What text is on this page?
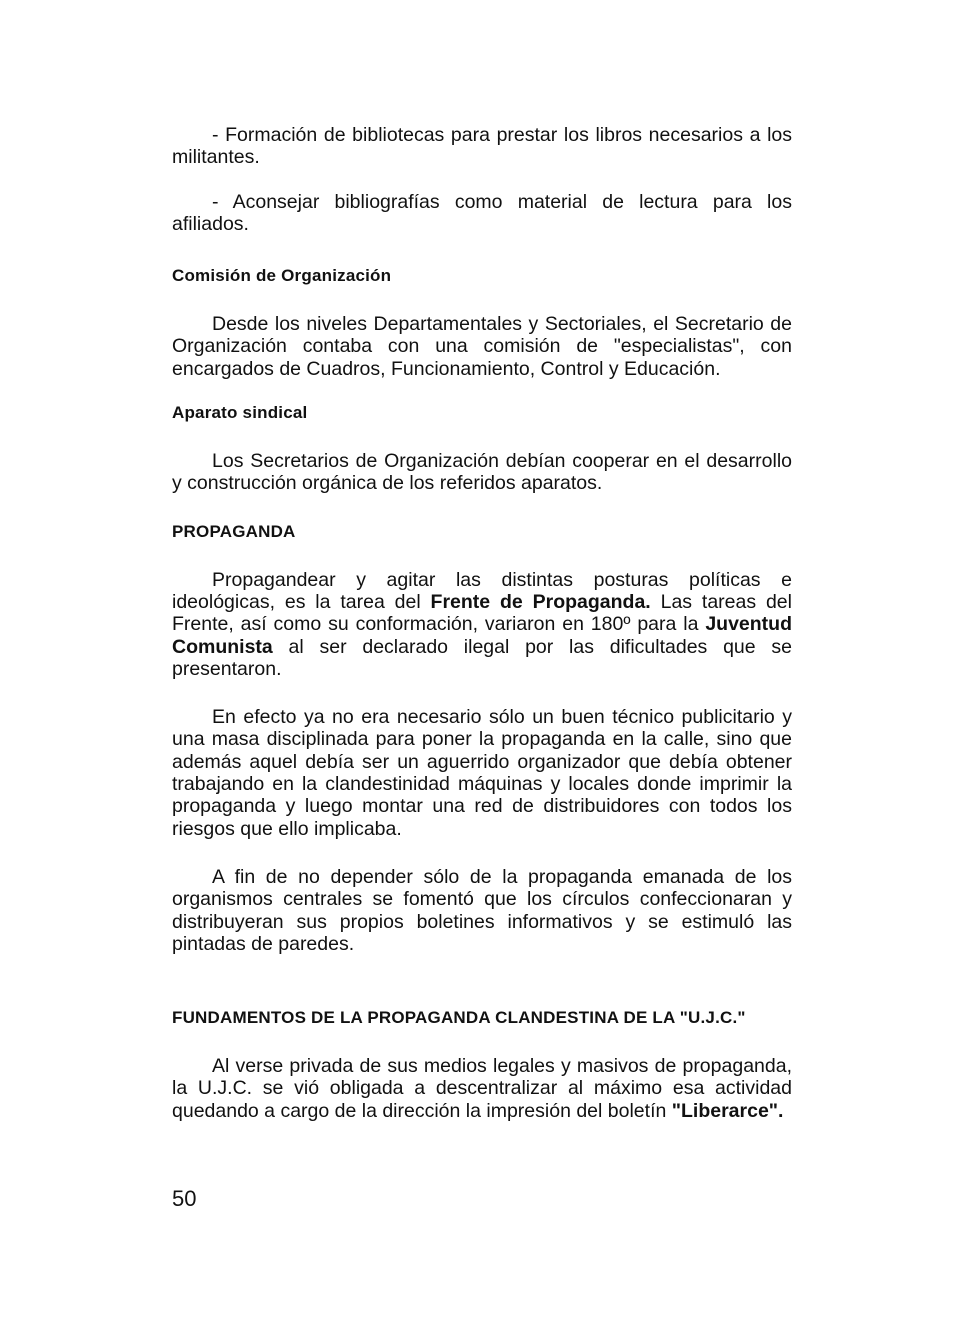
- Formación de bibliotecas para prestar los libros necesarios a los militantes.

- Aconsejar bibliografías como material de lectura para los afiliados.

Comisión de Organización

Desde los niveles Departamentales y Sectoriales, el Secretario de Organización contaba con una comisión de "especialistas", con encargados de Cuadros, Funcionamiento, Control y Educación.

Aparato sindical

Los Secretarios de Organización debían cooperar en el desarrollo y construcción orgánica de los referidos aparatos.

PROPAGANDA

Propagandear y agitar las distintas posturas políticas e ideológicas, es la tarea del Frente de Propaganda. Las tareas del Frente, así como su conformación, variaron en 180º para la Juventud Comunista al ser declarado ilegal por las dificultades que se presentaron.

En efecto ya no era necesario sólo un buen técnico publicitario y una masa disciplinada para poner la propaganda en la calle, sino que además aquel debía ser un aguerrido organizador que debía obtener trabajando en la clandestinidad máquinas y locales donde imprimir la propaganda y luego montar una red de distribuidores con todos los riesgos que ello implicaba.

A fin de no depender sólo de la propaganda emanada de los organismos centrales se fomentó que los círculos confeccionaran y distribuyeran sus propios boletines informativos y se estimuló las pintadas de paredes.

FUNDAMENTOS DE LA PROPAGANDA CLANDESTINA DE LA "U.J.C."

Al verse privada de sus medios legales y masivos de propaganda, la U.J.C. se vió obligada a descentralizar al máximo esa actividad quedando a cargo de la dirección la impresión del boletín "Liberarce".

50
